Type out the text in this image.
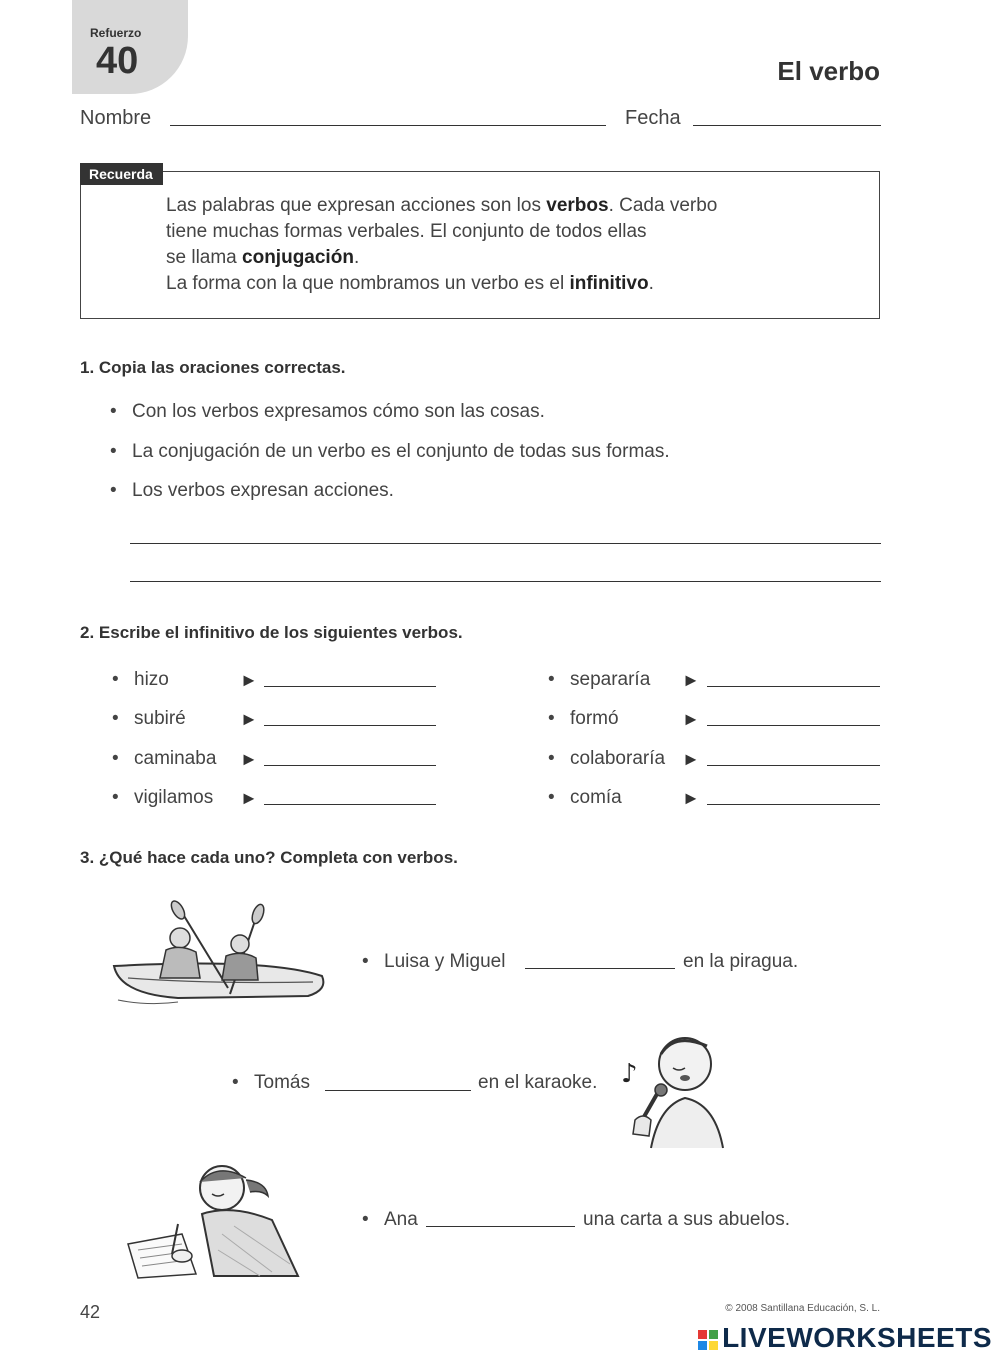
Refuerzo
40	El verbo
Nombre	Fecha
Recuerda
Las palabras que expresan acciones son los verbos. Cada verbo
tiene muchas formas verbales. El conjunto de todos ellas
se llama conjugación.
La forma con la que nombramos un verbo es el infinitivo.
1. Copia las oraciones correctas.
• Con los verbos expresamos cómo son las cosas.
• La conjugación de un verbo es el conjunto de todas sus formas.
• Los verbos expresan acciones.
2. Escribe el infinitivo de los siguientes verbos.
• hizo	►
• subiré	►
• caminaba ►
• vigilamos ►
• separaría ►
• formó	►
• colaboraría ►
• comía	►
3. ¿Qué hace cada uno? Completa con verbos.
• Luisa y Miguel	en la piragua.
• Tomás	en el karaoke. ♪
• Ana	una carta a sus abuelos.
42	© 2008 Santillana Educación, S. L.
LIVEWORKSHEETS
